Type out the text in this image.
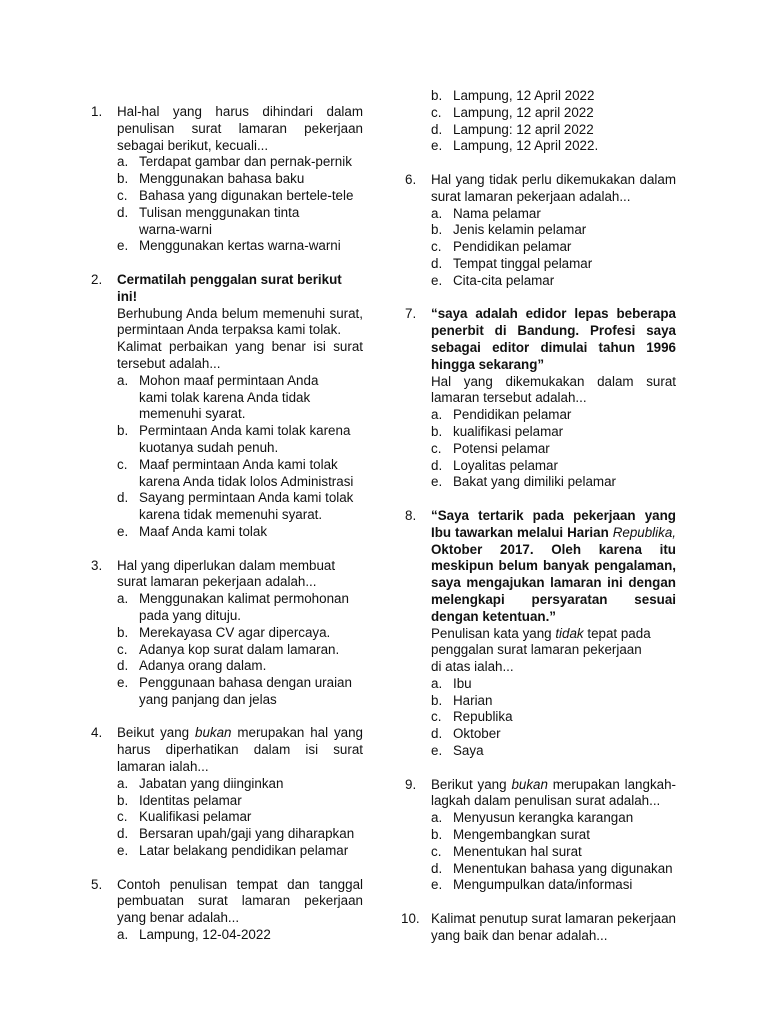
1. Hal-hal yang harus dihindari dalam penulisan surat lamaran pekerjaan sebagai berikut, kecuali...
a. Terdapat gambar dan pernak-pernik
b. Menggunakan bahasa baku
c. Bahasa yang digunakan bertele-tele
d. Tulisan menggunakan tinta warna-warni
e. Menggunakan kertas warna-warni
2. Cermatilah penggalan surat berikut ini!
Berhubung Anda belum memenuhi surat, permintaan Anda terpaksa kami tolak.
Kalimat perbaikan yang benar isi surat tersebut adalah...
a. Mohon maaf permintaan Anda kami tolak karena Anda tidak memenuhi syarat.
b. Permintaan Anda kami tolak karena kuotanya sudah penuh.
c. Maaf permintaan Anda kami tolak karena Anda tidak lolos Administrasi
d. Sayang permintaan Anda kami tolak karena tidak memenuhi syarat.
e. Maaf Anda kami tolak
3. Hal yang diperlukan dalam membuat surat lamaran pekerjaan adalah...
a. Menggunakan kalimat permohonan pada yang dituju.
b. Merekayasa CV agar dipercaya.
c. Adanya kop surat dalam lamaran.
d. Adanya orang dalam.
e. Penggunaan bahasa dengan uraian yang panjang dan jelas
4. Beikut yang bukan merupakan hal yang harus diperhatikan dalam isi surat lamaran ialah...
a. Jabatan yang diinginkan
b. Identitas pelamar
c. Kualifikasi pelamar
d. Bersaran upah/gaji yang diharapkan
e. Latar belakang pendidikan pelamar
5. Contoh penulisan tempat dan tanggal pembuatan surat lamaran pekerjaan yang benar adalah...
a. Lampung, 12-04-2022
b. Lampung, 12 April 2022
c. Lampung, 12 april 2022
d. Lampung: 12 april 2022
e. Lampung, 12 April 2022.
6. Hal yang tidak perlu dikemukakan dalam surat lamaran pekerjaan adalah...
a. Nama pelamar
b. Jenis kelamin pelamar
c. Pendidikan pelamar
d. Tempat tinggal pelamar
e. Cita-cita pelamar
7. “saya adalah edidor lepas beberapa penerbit di Bandung. Profesi saya sebagai editor dimulai tahun 1996 hingga sekarang”
Hal yang dikemukakan dalam surat lamaran tersebut adalah...
a. Pendidikan pelamar
b. kualifikasi pelamar
c. Potensi pelamar
d. Loyalitas pelamar
e. Bakat yang dimiliki pelamar
8. “Saya tertarik pada pekerjaan yang Ibu tawarkan melalui Harian Republika, Oktober 2017. Oleh karena itu meskipun belum banyak pengalaman, saya mengajukan lamaran ini dengan melengkapi persyaratan sesuai dengan ketentuan.”
Penulisan kata yang tidak tepat pada penggalan surat lamaran pekerjaan di atas ialah...
a. Ibu
b. Harian
c. Republika
d. Oktober
e. Saya
9. Berikut yang bukan merupakan langkah-lagkah dalam penulisan surat adalah...
a. Menyusun kerangka karangan
b. Mengembangkan surat
c. Menentukan hal surat
d. Menentukan bahasa yang digunakan
e. Mengumpulkan data/informasi
10. Kalimat penutup surat lamaran pekerjaan yang baik dan benar adalah...
